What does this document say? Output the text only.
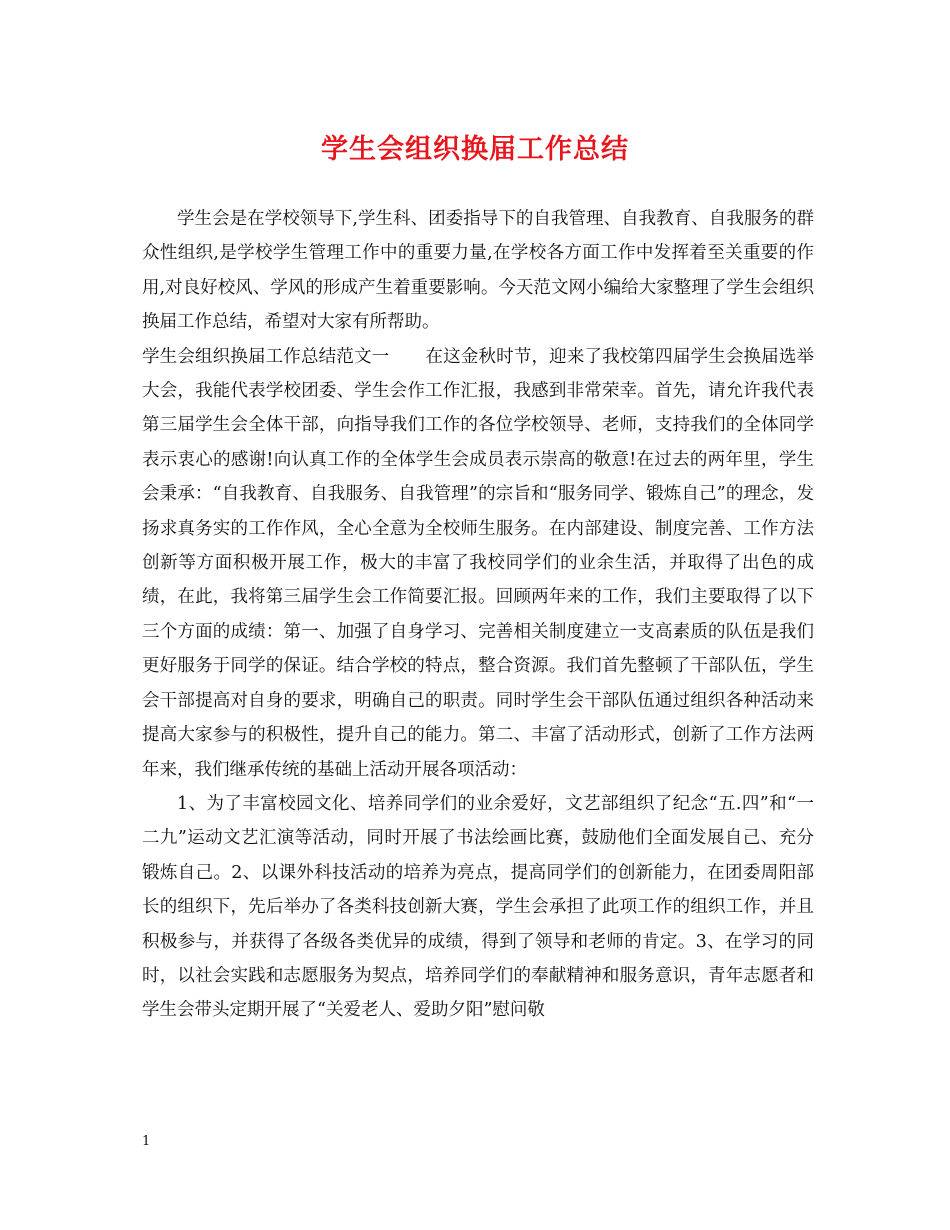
学生会组织换届工作总结

学生会是在学校领导下,学生科、团委指导下的自我管理、自我教育、自我服务的群众性组织,是学校学生管理工作中的重要力量,在学校各方面工作中发挥着至关重要的作用,对良好校风、学风的形成产生着重要影响。今天范文网小编给大家整理了学生会组织换届工作总结，希望对大家有所帮助。

学生会组织换届工作总结范文一 在这金秋时节，迎来了我校第四届学生会换届选举大会，我能代表学校团委、学生会作工作汇报，我感到非常荣幸。首先，请允许我代表第三届学生会全体干部，向指导我们工作的各位学校领导、老师，支持我们的全体同学表示衷心的感谢!向认真工作的全体学生会成员表示崇高的敬意!在过去的两年里，学生会秉承：“自我教育、自我服务、自我管理”的宗旨和“服务同学、锻炼自己”的理念，发扬求真务实的工作作风，全心全意为全校师生服务。在内部建设、制度完善、工作方法创新等方面积极开展工作，极大的丰富了我校同学们的业余生活，并取得了出色的成绩，在此，我将第三届学生会工作简要汇报。回顾两年来的工作，我们主要取得了以下三个方面的成绩：第一、加强了自身学习、完善相关制度建立一支高素质的队伍是我们更好服务于同学的保证。结合学校的特点，整合资源。我们首先整顿了干部队伍，学生会干部提高对自身的要求，明确自己的职责。同时学生会干部队伍通过组织各种活动来提高大家参与的积极性，提升自己的能力。第二、丰富了活动形式，创新了工作方法两年来，我们继承传统的基础上活动开展各项活动：

1、为了丰富校园文化、培养同学们的业余爱好，文艺部组织了纪念“五.四”和“一二九”运动文艺汇演等活动，同时开展了书法绘画比赛，鼓励他们全面发展自己、充分锻炼自己。2、以课外科技活动的培养为亮点，提高同学们的创新能力，在团委周阳部长的组织下，先后举办了各类科技创新大赛，学生会承担了此项工作的组织工作，并且积极参与，并获得了各级各类优异的成绩，得到了领导和老师的肯定。3、在学习的同时，以社会实践和志愿服务为契点，培养同学们的奉献精神和服务意识，青年志愿者和学生会带头定期开展了“关爱老人、爱助夕阳”慰问敬

1
